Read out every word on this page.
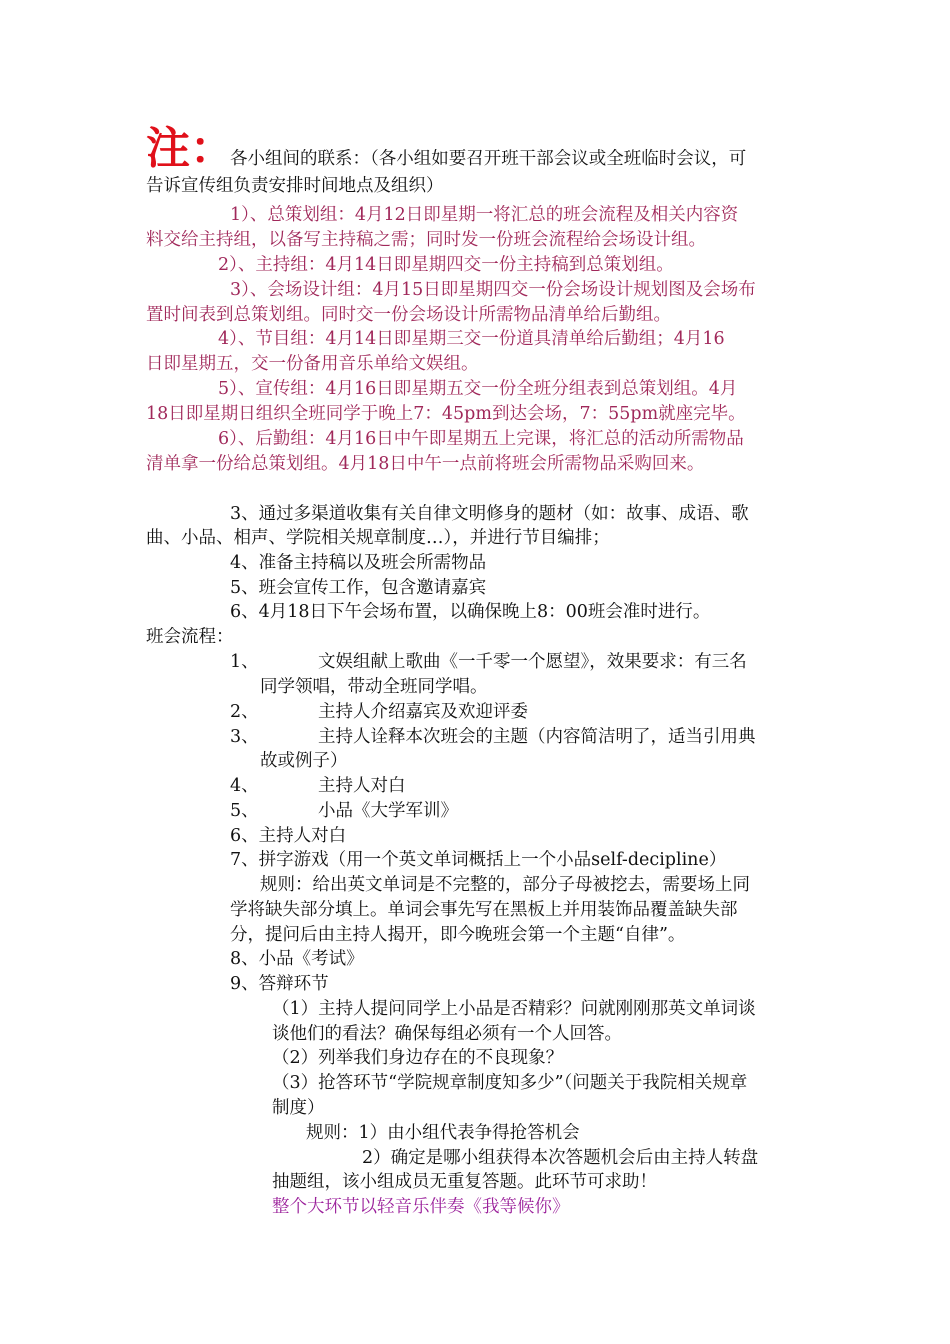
注：
各小组间的联系：（各小组如要召开班干部会议或全班临时会议，可
告诉宣传组负责安排时间地点及组织）
1）、总策划组：4月12日即星期一将汇总的班会流程及相关内容资
料交给主持组，以备写主持稿之需；同时发一份班会流程给会场设计组。
2）、主持组：4月14日即星期四交一份主持稿到总策划组。
3）、会场设计组：4月15日即星期四交一份会场设计规划图及会场布
置时间表到总策划组。同时交一份会场设计所需物品清单给后勤组。
4）、节目组：4月14日即星期三交一份道具清单给后勤组；4月16
日即星期五，交一份备用音乐单给文娱组。
5）、宣传组：4月16日即星期五交一份全班分组表到总策划组。4月
18日即星期日组织全班同学于晚上7：45pm到达会场，7：55pm就座完毕。
6）、后勤组：4月16日中午即星期五上完课，将汇总的活动所需物品
清单拿一份给总策划组。4月18日中午一点前将班会所需物品采购回来。
3、通过多渠道收集有关自律文明修身的题材（如：故事、成语、歌
曲、小品、相声、学院相关规章制度…），并进行节目编排；
4、准备主持稿以及班会所需物品
5、班会宣传工作，包含邀请嘉宾
6、4月18日下午会场布置，以确保晚上8：00班会准时进行。
班会流程：
1、	文娱组献上歌曲《一千零一个愿望》，效果要求：有三名
同学领唱，带动全班同学唱。
2、	主持人介绍嘉宾及欢迎评委
3、	主持人诠释本次班会的主题（内容简洁明了，适当引用典
故或例子）
4、	主持人对白
5、	小品《大学军训》
6、主持人对白
7、拼字游戏（用一个英文单词概括上一个小品self-decipline）
规则：给出英文单词是不完整的，部分子母被挖去，需要场上同
学将缺失部分填上。单词会事先写在黑板上并用装饰品覆盖缺失部
分，提问后由主持人揭开，即今晚班会第一个主题“自律”。
8、小品《考试》
9、答辩环节
（1）主持人提问同学上小品是否精彩？问就刚刚那英文单词谈
谈他们的看法？确保每组必须有一个人回答。
（2）列举我们身边存在的不良现象？
（3）抢答环节“学院规章制度知多少”（问题关于我院相关规章
制度）
规则：1）由小组代表争得抢答机会
2）确定是哪小组获得本次答题机会后由主持人转盘
抽题组，该小组成员无重复答题。此环节可求助！
整个大环节以轻音乐伴奏《我等候你》
